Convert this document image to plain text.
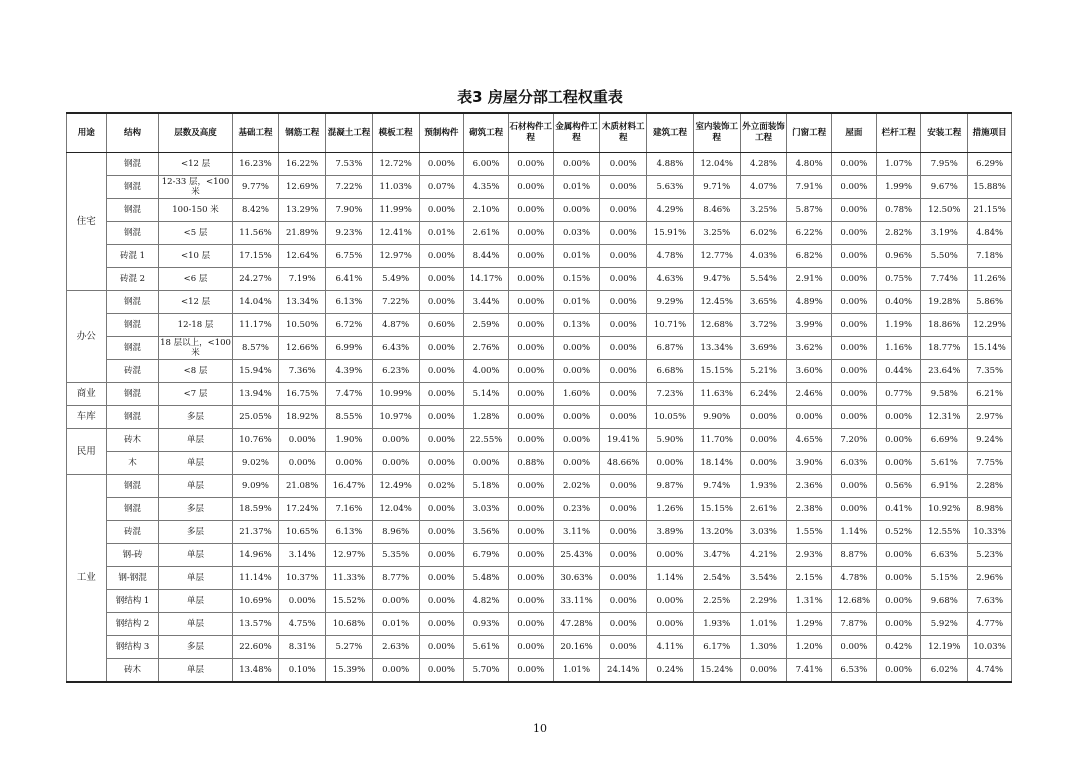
表3 房屋分部工程权重表
用途	结构	层数及高度	基础工程	钢筋工程	混凝土工程	模板工程	预制构件	砌筑工程	石材构件工程	金属构件工程	木质材料工程	建筑工程	室内装饰工程	外立面装饰工程	门窗工程	屋面	栏杆工程	安装工程	措施项目
住宅	钢混	<12 层	16.23%	16.22%	7.53%	12.72%	0.00%	6.00%	0.00%	0.00%	0.00%	4.88%	12.04%	4.28%	4.80%	0.00%	1.07%	7.95%	6.29%
	钢混	12-33 层，<100 米	9.77%	12.69%	7.22%	11.03%	0.07%	4.35%	0.00%	0.01%	0.00%	5.63%	9.71%	4.07%	7.91%	0.00%	1.99%	9.67%	15.88%
	钢混	100-150 米	8.42%	13.29%	7.90%	11.99%	0.00%	2.10%	0.00%	0.00%	0.00%	4.29%	8.46%	3.25%	5.87%	0.00%	0.78%	12.50%	21.15%
	钢混	<5 层	11.56%	21.89%	9.23%	12.41%	0.01%	2.61%	0.00%	0.03%	0.00%	15.91%	3.25%	6.02%	6.22%	0.00%	2.82%	3.19%	4.84%
	砖混 1	<10 层	17.15%	12.64%	6.75%	12.97%	0.00%	8.44%	0.00%	0.01%	0.00%	4.78%	12.77%	4.03%	6.82%	0.00%	0.96%	5.50%	7.18%
	砖混 2	<6 层	24.27%	7.19%	6.41%	5.49%	0.00%	14.17%	0.00%	0.15%	0.00%	4.63%	9.47%	5.54%	2.91%	0.00%	0.75%	7.74%	11.26%
办公	钢混	<12 层	14.04%	13.34%	6.13%	7.22%	0.00%	3.44%	0.00%	0.01%	0.00%	9.29%	12.45%	3.65%	4.89%	0.00%	0.40%	19.28%	5.86%
	钢混	12-18 层	11.17%	10.50%	6.72%	4.87%	0.60%	2.59%	0.00%	0.13%	0.00%	10.71%	12.68%	3.72%	3.99%	0.00%	1.19%	18.86%	12.29%
	钢混	18 层以上，<100 米	8.57%	12.66%	6.99%	6.43%	0.00%	2.76%	0.00%	0.00%	0.00%	6.87%	13.34%	3.69%	3.62%	0.00%	1.16%	18.77%	15.14%
	砖混	<8 层	15.94%	7.36%	4.39%	6.23%	0.00%	4.00%	0.00%	0.00%	0.00%	6.68%	15.15%	5.21%	3.60%	0.00%	0.44%	23.64%	7.35%
商业	钢混	<7 层	13.94%	16.75%	7.47%	10.99%	0.00%	5.14%	0.00%	1.60%	0.00%	7.23%	11.63%	6.24%	2.46%	0.00%	0.77%	9.58%	6.21%
车库	钢混	多层	25.05%	18.92%	8.55%	10.97%	0.00%	1.28%	0.00%	0.00%	0.00%	10.05%	9.90%	0.00%	0.00%	0.00%	0.00%	12.31%	2.97%
民用	砖木	单层	10.76%	0.00%	1.90%	0.00%	0.00%	22.55%	0.00%	0.00%	19.41%	5.90%	11.70%	0.00%	4.65%	7.20%	0.00%	6.69%	9.24%
	木	单层	9.02%	0.00%	0.00%	0.00%	0.00%	0.00%	0.88%	0.00%	48.66%	0.00%	18.14%	0.00%	3.90%	6.03%	0.00%	5.61%	7.75%
工业	钢混	单层	9.09%	21.08%	16.47%	12.49%	0.02%	5.18%	0.00%	2.02%	0.00%	9.87%	9.74%	1.93%	2.36%	0.00%	0.56%	6.91%	2.28%
	钢混	多层	18.59%	17.24%	7.16%	12.04%	0.00%	3.03%	0.00%	0.23%	0.00%	1.26%	15.15%	2.61%	2.38%	0.00%	0.41%	10.92%	8.98%
	砖混	多层	21.37%	10.65%	6.13%	8.96%	0.00%	3.56%	0.00%	3.11%	0.00%	3.89%	13.20%	3.03%	1.55%	1.14%	0.52%	12.55%	10.33%
	钢-砖	单层	14.96%	3.14%	12.97%	5.35%	0.00%	6.79%	0.00%	25.43%	0.00%	0.00%	3.47%	4.21%	2.93%	8.87%	0.00%	6.63%	5.23%
	钢-钢混	单层	11.14%	10.37%	11.33%	8.77%	0.00%	5.48%	0.00%	30.63%	0.00%	1.14%	2.54%	3.54%	2.15%	4.78%	0.00%	5.15%	2.96%
	钢结构 1	单层	10.69%	0.00%	15.52%	0.00%	0.00%	4.82%	0.00%	33.11%	0.00%	0.00%	2.25%	2.29%	1.31%	12.68%	0.00%	9.68%	7.63%
	钢结构 2	单层	13.57%	4.75%	10.68%	0.01%	0.00%	0.93%	0.00%	47.28%	0.00%	0.00%	1.93%	1.01%	1.29%	7.87%	0.00%	5.92%	4.77%
	钢结构 3	多层	22.60%	8.31%	5.27%	2.63%	0.00%	5.61%	0.00%	20.16%	0.00%	4.11%	6.17%	1.30%	1.20%	0.00%	0.42%	12.19%	10.03%
	砖木	单层	13.48%	0.10%	15.39%	0.00%	0.00%	5.70%	0.00%	1.01%	24.14%	0.24%	15.24%	0.00%	7.41%	6.53%	0.00%	6.02%	4.74%
10
